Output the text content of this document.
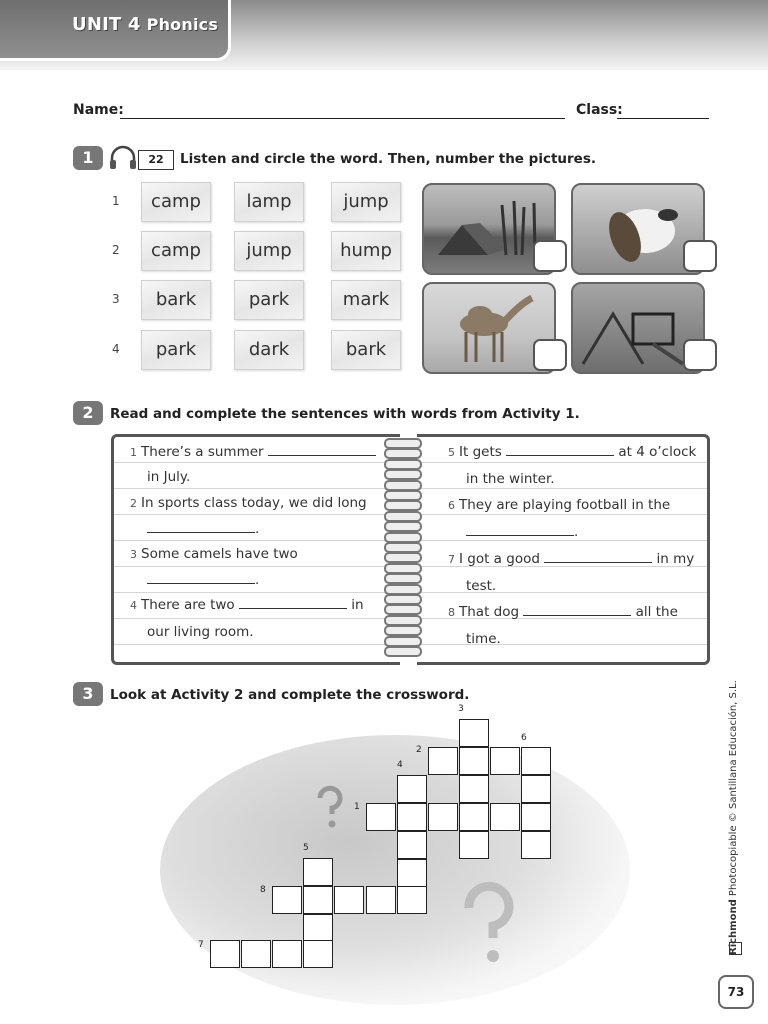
UNIT 4 Phonics
Name:	Class:
1	22	Listen and circle the word. Then, number the pictures.
1	camp	lamp	jump
2	camp	jump	hump
3	bark	park	mark
4	park	dark	bark
2	Read and complete the sentences with words from Activity 1.
1 There’s a summer
in July.
2 In sports class today, we did long
.
3 Some camels have two
.
4 There are two	in
our living room.
5 It gets	at 4 o’clock
in the winter.
6 They are playing football in the
.
7 I got a good	in my
test.
8 That dog	all the
time.
3	Look at Activity 2 and complete the crossword.
3
6
2
4
1
5
8
7	Richmond Photocopiable © Santillana Educación, S.L.
73
